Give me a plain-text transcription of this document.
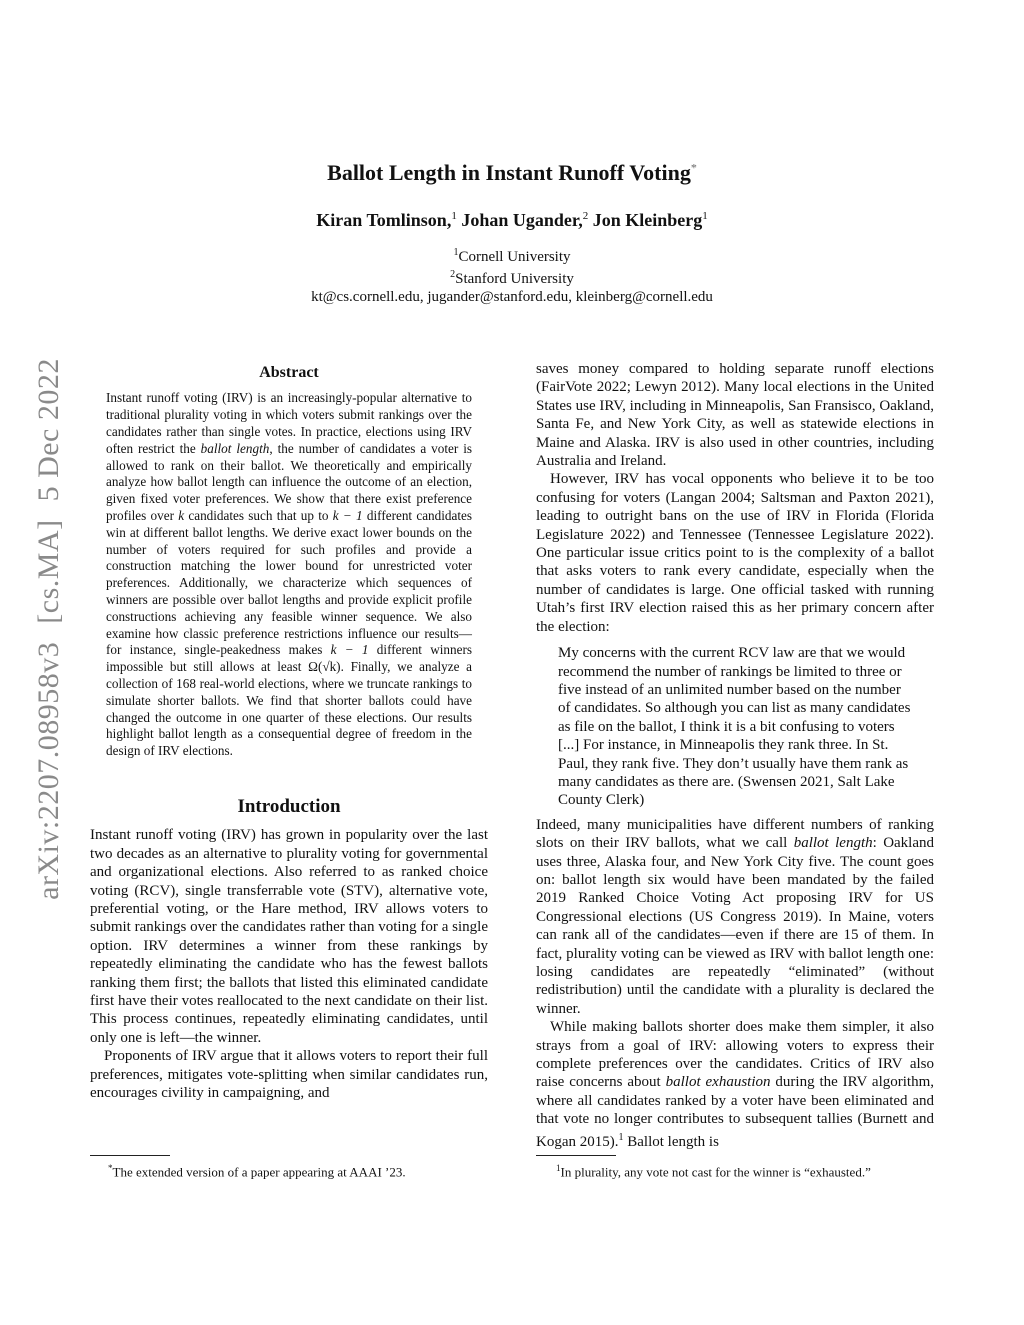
arXiv:2207.08958v3[cs.MA]5 Dec 2022
Ballot Length in Instant Runoff Voting*
Kiran Tomlinson,$^1$ Johan Ugander,$^2$ Jon Kleinberg$^1$
$^1$Cornell University
$^2$Stanford University
kt@cs.cornell.edu, jugander@stanford.edu, kleinberg@cornell.edu
Abstract
Instant runoff voting (IRV) is an increasingly-popular alternative to traditional plurality voting in which voters submit rankings over the candidates rather than single votes. In practice, elections using IRV often restrict the ballot length, the number of candidates a voter is allowed to rank on their ballot. We theoretically and empirically analyze how ballot length can influence the outcome of an election, given fixed voter preferences. We show that there exist preference profiles over k candidates such that up to k − 1 different candidates win at different ballot lengths. We derive exact lower bounds on the number of voters required for such profiles and provide a construction matching the lower bound for unrestricted voter preferences. Additionally, we characterize which sequences of winners are possible over ballot lengths and provide explicit profile constructions achieving any feasible winner sequence. We also examine how classic preference restrictions influence our results—for instance, single-peakedness makes k − 1 different winners impossible but still allows at least Ω(√k). Finally, we analyze a collection of 168 real-world elections, where we truncate rankings to simulate shorter ballots. We find that shorter ballots could have changed the outcome in one quarter of these elections. Our results highlight ballot length as a consequential degree of freedom in the design of IRV elections.
Introduction

Instant runoff voting (IRV) has grown in popularity over the last two decades as an alternative to plurality voting for governmental and organizational elections. Also referred to as ranked choice voting (RCV), single transferrable vote (STV), alternative vote, preferential voting, or the Hare method, IRV allows voters to submit rankings over the candidates rather than voting for a single option. IRV determines a winner from these rankings by repeatedly eliminating the candidate who has the fewest ballots ranking them first; the ballots that listed this eliminated candidate first have their votes reallocated to the next candidate on their list. This process continues, repeatedly eliminating candidates, until only one is left—the winner.

Proponents of IRV argue that it allows voters to report their full preferences, mitigates vote-splitting when similar candidates run, encourages civility in campaigning, and

saves money compared to holding separate runoff elections (FairVote 2022; Lewyn 2012). Many local elections in the United States use IRV, including in Minneapolis, San Fransisco, Oakland, Santa Fe, and New York City, as well as statewide elections in Maine and Alaska. IRV is also used in other countries, including Australia and Ireland.

However, IRV has vocal opponents who believe it to be too confusing for voters (Langan 2004; Saltsman and Paxton 2021), leading to outright bans on the use of IRV in Florida (Florida Legislature 2022) and Tennessee (Tennessee Legislature 2022). One particular issue critics point to is the complexity of a ballot that asks voters to rank every candidate, especially when the number of candidates is large. One official tasked with running Utah’s first IRV election raised this as her primary concern after the election:

My concerns with the current RCV law are that we would recommend the number of rankings be limited to three or five instead of an unlimited number based on the number of candidates. So although you can list as many candidates as file on the ballot, I think it is a bit confusing to voters [...] For instance, in Minneapolis they rank three. In St. Paul, they rank five. They don’t usually have them rank as many candidates as there are. (Swensen 2021, Salt Lake County Clerk)

Indeed, many municipalities have different numbers of ranking slots on their IRV ballots, what we call ballot length: Oakland uses three, Alaska four, and New York City five. The count goes on: ballot length six would have been mandated by the failed 2019 Ranked Choice Voting Act proposing IRV for US Congressional elections (US Congress 2019). In Maine, voters can rank all of the candidates—even if there are 15 of them. In fact, plurality voting can be viewed as IRV with ballot length one: losing candidates are repeatedly “eliminated” (without redistribution) until the candidate with a plurality is declared the winner.

While making ballots shorter does make them simpler, it also strays from a goal of IRV: allowing voters to express their complete preferences over the candidates. Critics of IRV also raise concerns about ballot exhaustion during the IRV algorithm, where all candidates ranked by a voter have been eliminated and that vote no longer contributes to subsequent tallies (Burnett and Kogan 2015).$^1$ Ballot length is

*The extended version of a paper appearing at AAAI ’23.	$^1$In plurality, any vote not cast for the winner is “exhausted.”
